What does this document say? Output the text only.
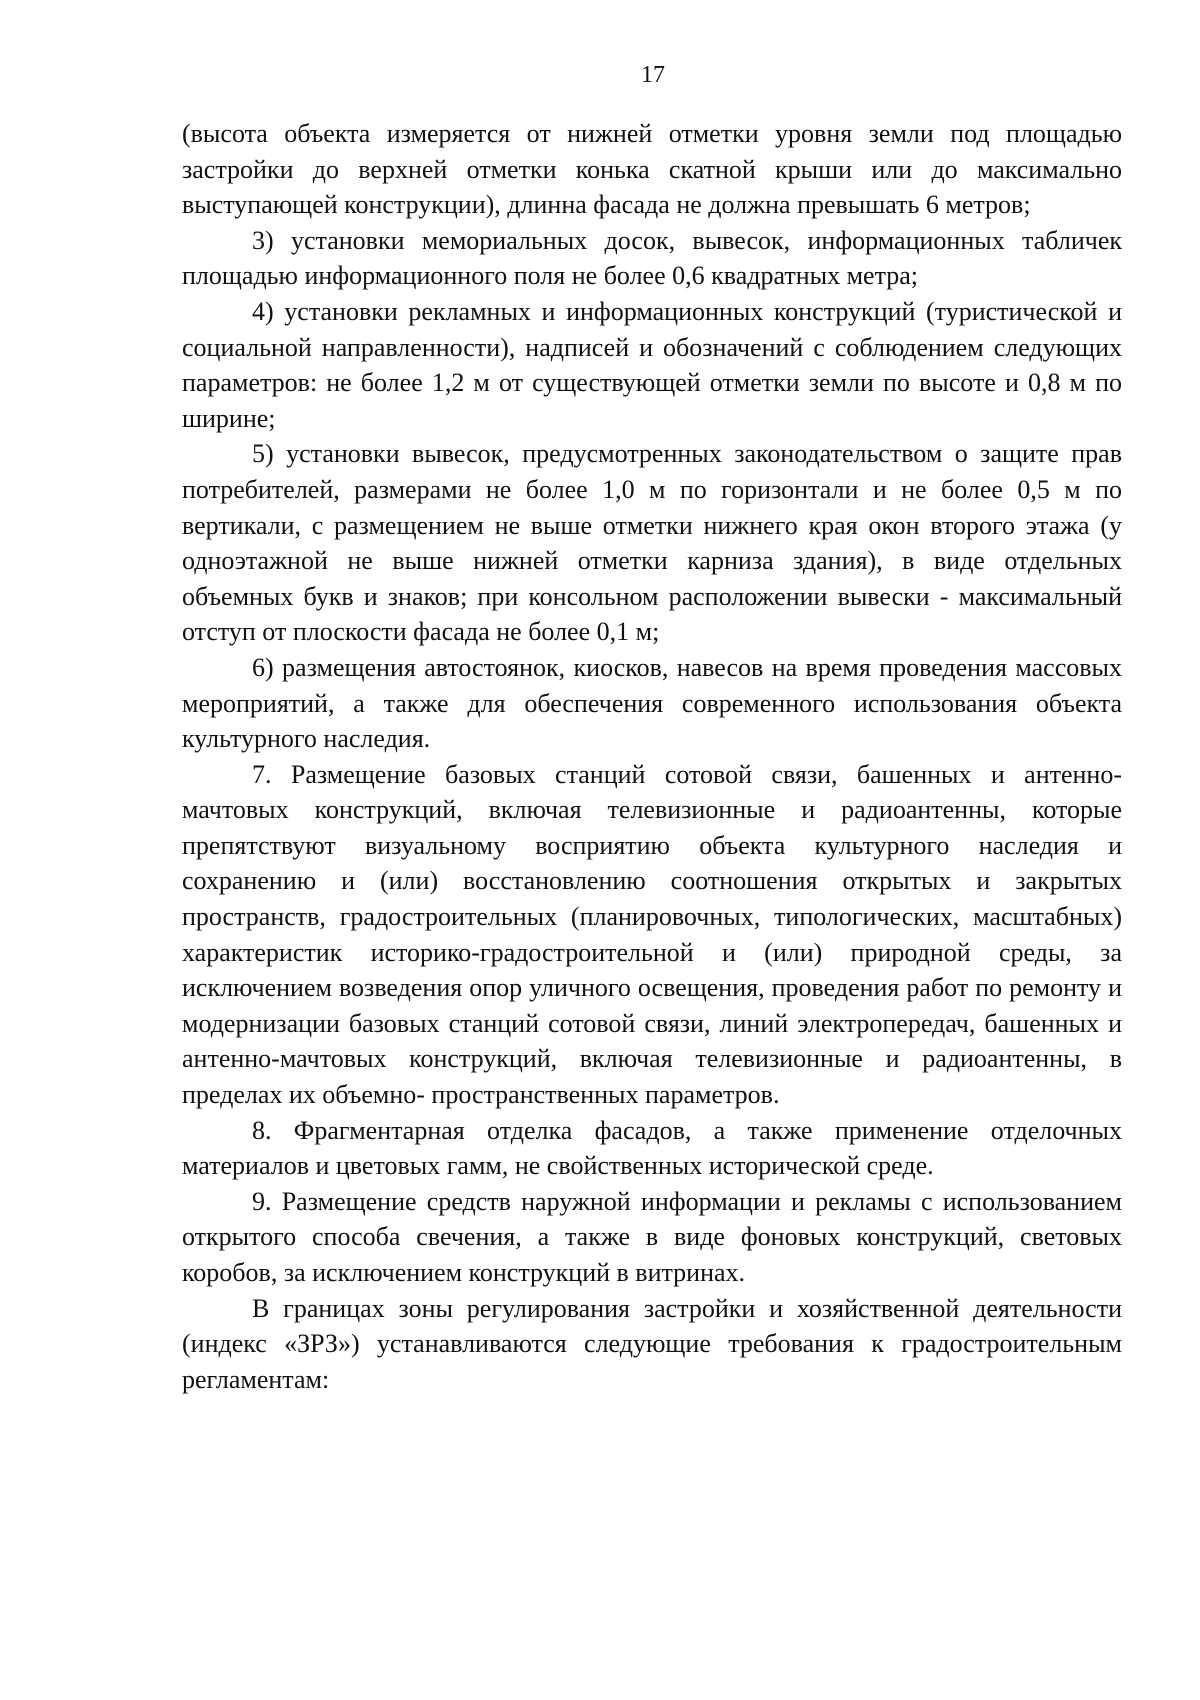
17

(высота объекта измеряется от нижней отметки уровня земли под площадью застройки до верхней отметки конька скатной крыши или до максимально выступающей конструкции), длинна фасада не должна превышать 6 метров;

3) установки мемориальных досок, вывесок, информационных табличек площадью информационного поля не более 0,6 квадратных метра;

4) установки рекламных и информационных конструкций (туристической и социальной направленности), надписей и обозначений с соблюдением следующих параметров: не более 1,2 м от существующей отметки земли по высоте и 0,8 м по ширине;

5) установки вывесок, предусмотренных законодательством о защите прав потребителей, размерами не более 1,0 м по горизонтали и не более 0,5 м по вертикали, с размещением не выше отметки нижнего края окон второго этажа (у одноэтажной не выше нижней отметки карниза здания), в виде отдельных объемных букв и знаков; при консольном расположении вывески - максимальный отступ от плоскости фасада не более 0,1 м;

6) размещения автостоянок, киосков, навесов на время проведения массовых мероприятий, а также для обеспечения современного использования объекта культурного наследия.

7. Размещение базовых станций сотовой связи, башенных и антенно-мачтовых конструкций, включая телевизионные и радиоантенны, которые препятствуют визуальному восприятию объекта культурного наследия и сохранению и (или) восстановлению соотношения открытых и закрытых пространств, градостроительных (планировочных, типологических, масштабных) характеристик историко-градостроительной и (или) природной среды, за исключением возведения опор уличного освещения, проведения работ по ремонту и модернизации базовых станций сотовой связи, линий электропередач, башенных и антенно-мачтовых конструкций, включая телевизионные и радиоантенны, в пределах их объемно- пространственных параметров.

8. Фрагментарная отделка фасадов, а также применение отделочных материалов и цветовых гамм, не свойственных исторической среде.

9. Размещение средств наружной информации и рекламы с использованием открытого способа свечения, а также в виде фоновых конструкций, световых коробов, за исключением конструкций в витринах.

В границах зоны регулирования застройки и хозяйственной деятельности (индекс «ЗРЗ») устанавливаются следующие требования к градостроительным регламентам:
